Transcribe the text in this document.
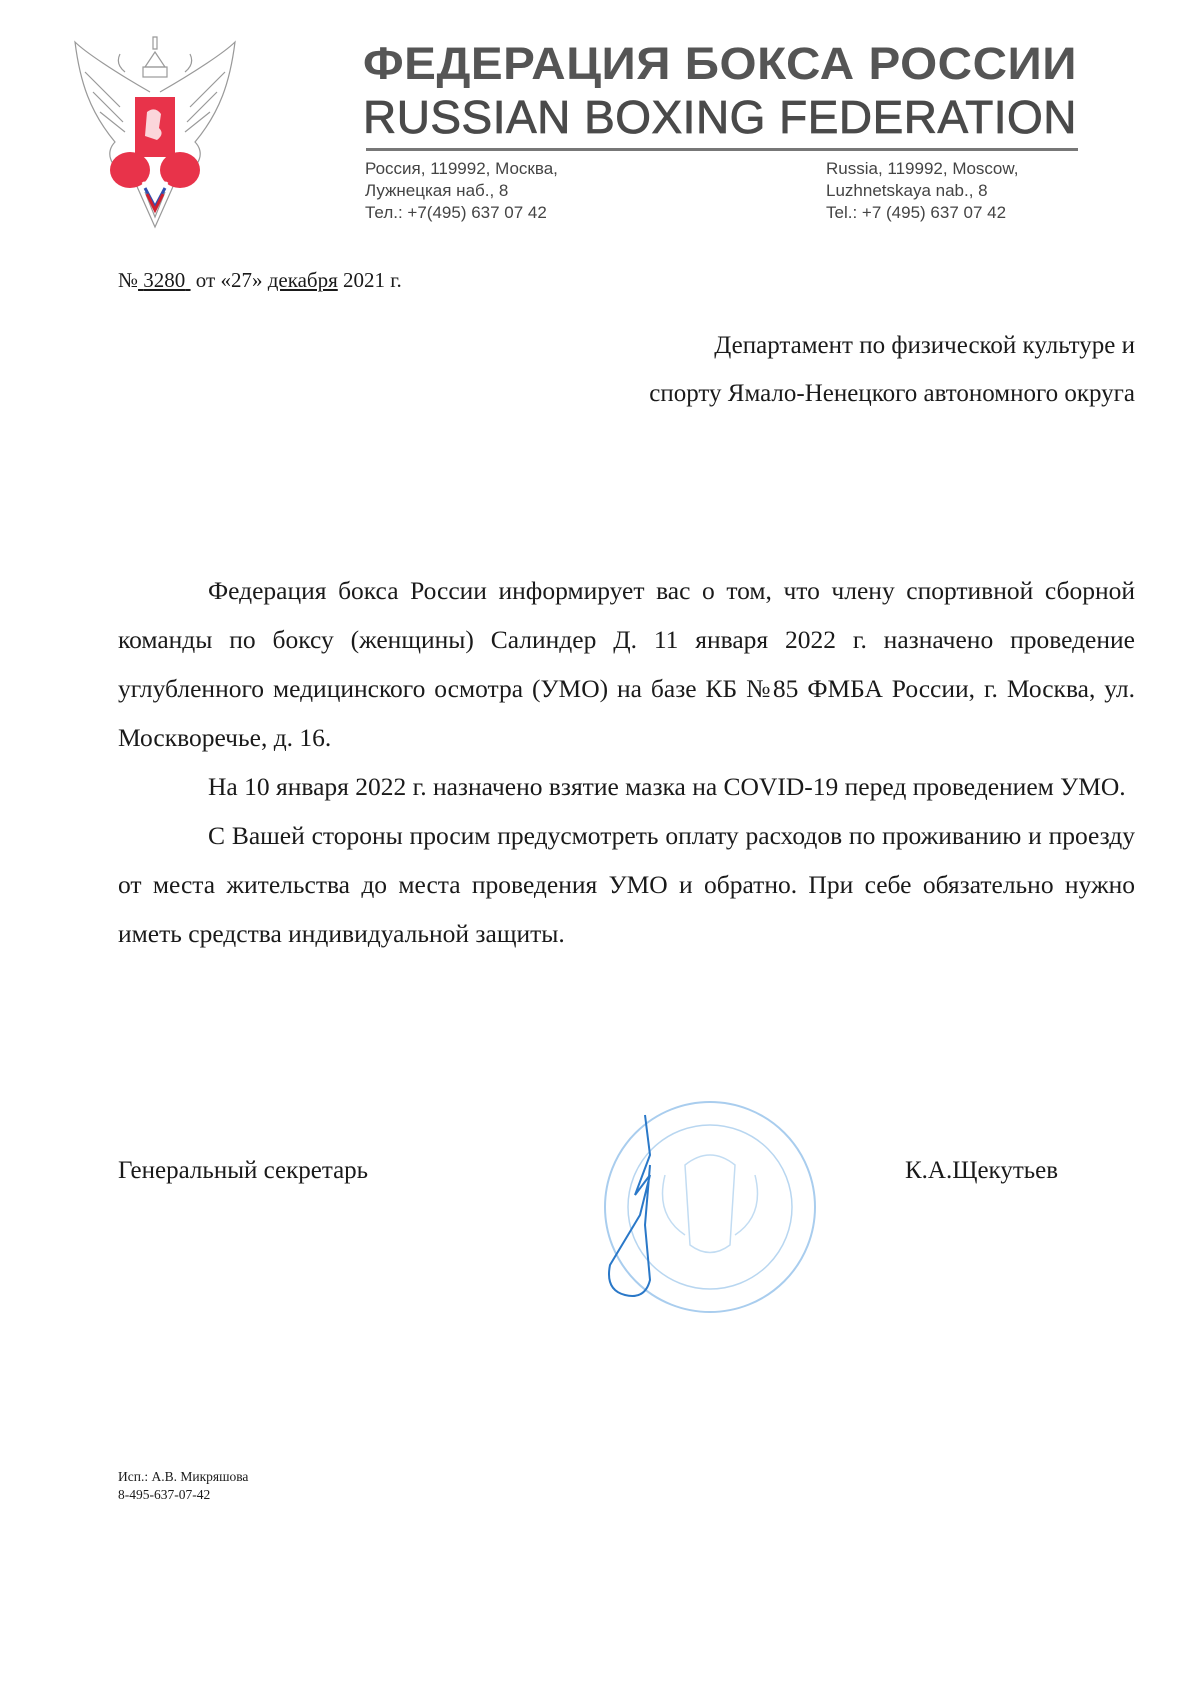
ФЕДЕРАЦИЯ БОКСА РОССИИ
RUSSIAN BOXING FEDERATION
Россия, 119992, Москва,
Лужнецкая наб., 8
Тел.: +7(495) 637 07 42
Russia, 119992, Moscow,
Luzhnetskaya nab., 8
Tel.: +7 (495) 637 07 42
№ 3280 от «27» декабря 2021 г.
Департамент по физической культуре и
спорту Ямало-Ненецкого автономного округа

Федерация бокса России информирует вас о том, что члену спортивной сборной команды по боксу (женщины) Салиндер Д. 11 января 2022 г. назначено проведение углубленного медицинского осмотра (УМО) на базе КБ №85 ФМБА России, г. Москва, ул. Москворечье, д. 16.

На 10 января 2022 г. назначено взятие мазка на COVID-19 перед проведением УМО.

С Вашей стороны просим предусмотреть оплату расходов по проживанию и проезду от места жительства до места проведения УМО и обратно. При себе обязательно нужно иметь средства индивидуальной защиты.

Генеральный секретарь	К.А.Щекутьев
Исп.: А.В. Микряшова
8-495-637-07-42
